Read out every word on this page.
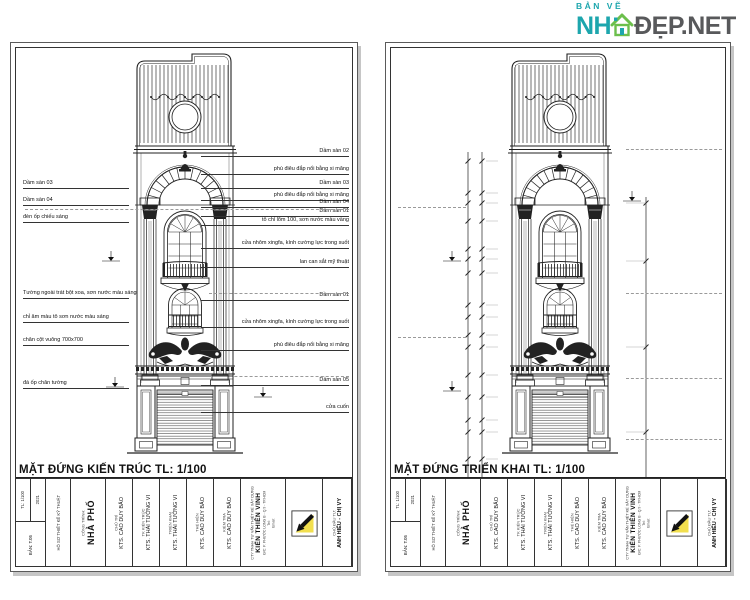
Dầm sàn 02
phù điêu đắp nổi bằng xi măng
Dầm sàn 03
phù điêu đắp nổi bằng xi măng
Dầm sàn 04
Dầm sàn 01
tô chỉ lõm 100, sơn nước màu vàng
cửa nhôm xingfa, kính cường lực trong suốt
lan can sắt mỹ thuật
Dầm sàn 01
cửa nhôm xingfa, kính cường lực trong suốt
phù điêu đắp nổi bằng xi măng
Dầm sàn 05
cửa cuốn
Dầm sàn 03
Dầm sàn 04
đèn ốp chiếu sáng
Tường ngoài trát bột xoa, sơn nước màu sáng
chỉ âm màu tô sơn nước màu sáng
chân cột vuông 700x700
đá ốp chân tường
MẶT ĐỨNG KIẾN TRÚC TL: 1/100
TL: 1/100	2021
BẢN: T.05	HỒ SƠ THIẾT KẾ KỸ THUẬT	CÔNG TRÌNH: NHÀ PHỐ	CHỦ TRÌ KTS. CAO DUY BẢO	TK KIẾN TRÚC KTS. THÁI TƯỜNG VI	TRIỂN KHAI KTS. THÁI TƯỜNG VI	THỂ HIỆN KTS. CAO DUY BẢO	KIỂM TRA KTS. CAO DUY BẢO	CTY TNHH TƯ VẤN THIẾT KẾ XÂY DỰNG KIẾN THIÊN VINH Đ/C: P. PHƯỚC LONG B - Q.9 - TP.HCM Tel: Email:	CHỦ ĐẦU TƯ: ANH HIẾU - CHỊ VY
MẶT ĐỨNG TRIỂN KHAI TL: 1/100
TL: 1/100	2021
BẢN: T.05	HỒ SƠ THIẾT KẾ KỸ THUẬT	CÔNG TRÌNH: NHÀ PHỐ	CHỦ TRÌ KTS. CAO DUY BẢO	TK KIẾN TRÚC KTS. THÁI TƯỜNG VI	TRIỂN KHAI KTS. THÁI TƯỜNG VI	THỂ HIỆN KTS. CAO DUY BẢO	KIỂM TRA KTS. CAO DUY BẢO	CTY TNHH TƯ VẤN THIẾT KẾ XÂY DỰNG KIẾN THIÊN VINH Đ/C: P. PHƯỚC LONG B - Q.9 - TP.HCM Tel: Email:	CHỦ ĐẦU TƯ: ANH HIẾU - CHỊ VY
BẢN VẼ
NH ĐẸP.NET
